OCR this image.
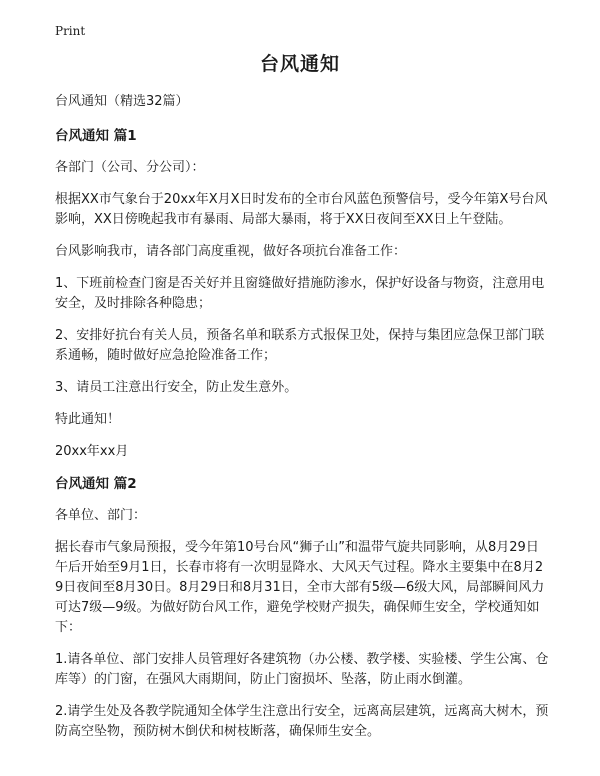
Print
台风通知
台风通知（精选32篇）
台风通知 篇1
各部门（公司、分公司）：
根据XX市气象台于20xx年X月X日时发布的全市台风蓝色预警信号，受今年第X号台风影响，XX日傍晚起我市有暴雨、局部大暴雨，将于XX日夜间至XX日上午登陆。
台风影响我市，请各部门高度重视，做好各项抗台准备工作：
1、下班前检查门窗是否关好并且窗缝做好措施防渗水，保护好设备与物资，注意用电安全，及时排除各种隐患；
2、安排好抗台有关人员，预备名单和联系方式报保卫处，保持与集团应急保卫部门联系通畅，随时做好应急抢险准备工作；
3、请员工注意出行安全，防止发生意外。
特此通知！
20xx年xx月
台风通知 篇2
各单位、部门：
据长春市气象局预报，受今年第10号台风“狮子山”和温带气旋共同影响，从8月29日午后开始至9月1日，长春市将有一次明显降水、大风天气过程。降水主要集中在8月29日夜间至8月30日。8月29日和8月31日，全市大部有5级—6级大风，局部瞬间风力可达7级—9级。为做好防台风工作，避免学校财产损失，确保师生安全，学校通知如下：
1.请各单位、部门安排人员管理好各建筑物（办公楼、教学楼、实验楼、学生公寓、仓库等）的门窗，在强风大雨期间，防止门窗损坏、坠落，防止雨水倒灌。
2.请学生处及各教学院通知全体学生注意出行安全，远离高层建筑，远离高大树木，预防高空坠物，预防树木倒伏和树枝断落，确保师生安全。
